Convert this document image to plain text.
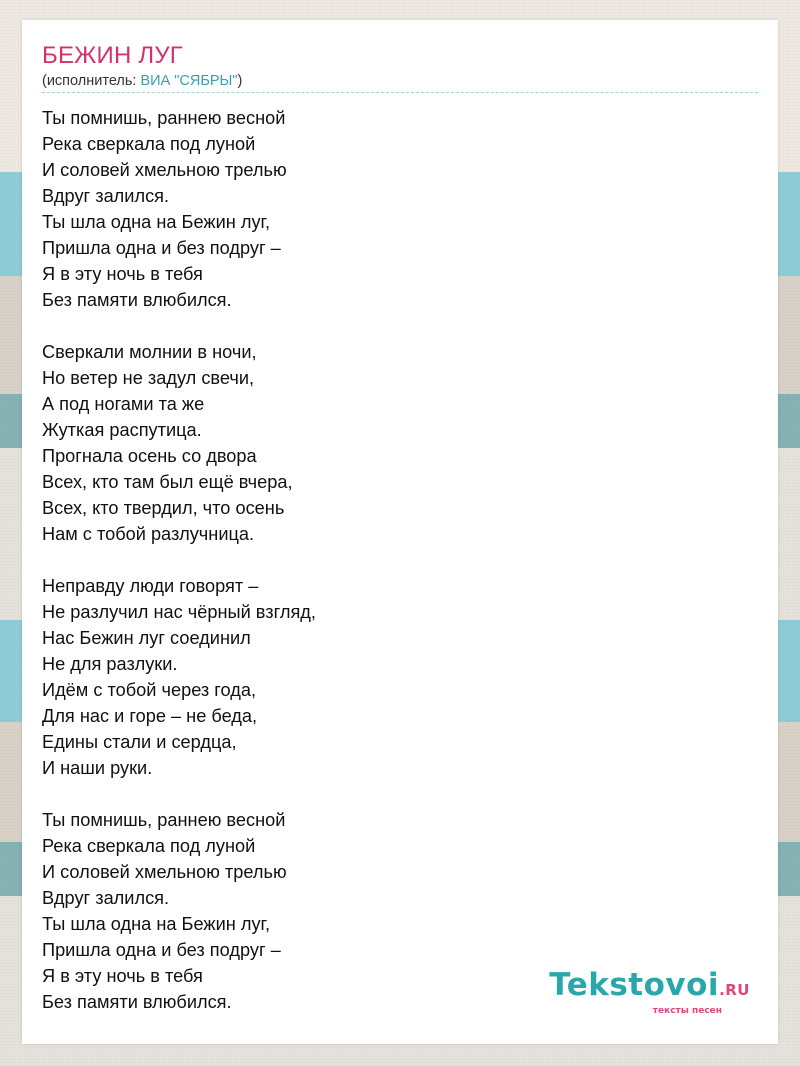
БЕЖИН ЛУГ
(исполнитель: ВИА "СЯБРЫ")
Ты помнишь, раннею весной
Река сверкала под луной
И соловей хмельною трелью
Вдруг залился.
Ты шла одна на Бежин луг,
Пришла одна и без подруг –
Я в эту ночь в тебя
Без памяти влюбился.
Сверкали молнии в ночи,
Но ветер не задул свечи,
А под ногами та же
Жуткая распутица.
Прогнала осень со двора
Всех, кто там был ещё вчера,
Всех, кто твердил, что осень
Нам с тобой разлучница.
Неправду люди говорят –
Не разлучил нас чёрный взгляд,
Нас Бежин луг соединил
Не для разлуки.
Идём с тобой через года,
Для нас и горе – не беда,
Едины стали и сердца,
И наши руки.
Ты помнишь, раннею весной
Река сверкала под луной
И соловей хмельною трелью
Вдруг залился.
Ты шла одна на Бежин луг,
Пришла одна и без подруг –
Я в эту ночь в тебя
Без памяти влюбился.	Tekstovoi.RU
тексты песен
